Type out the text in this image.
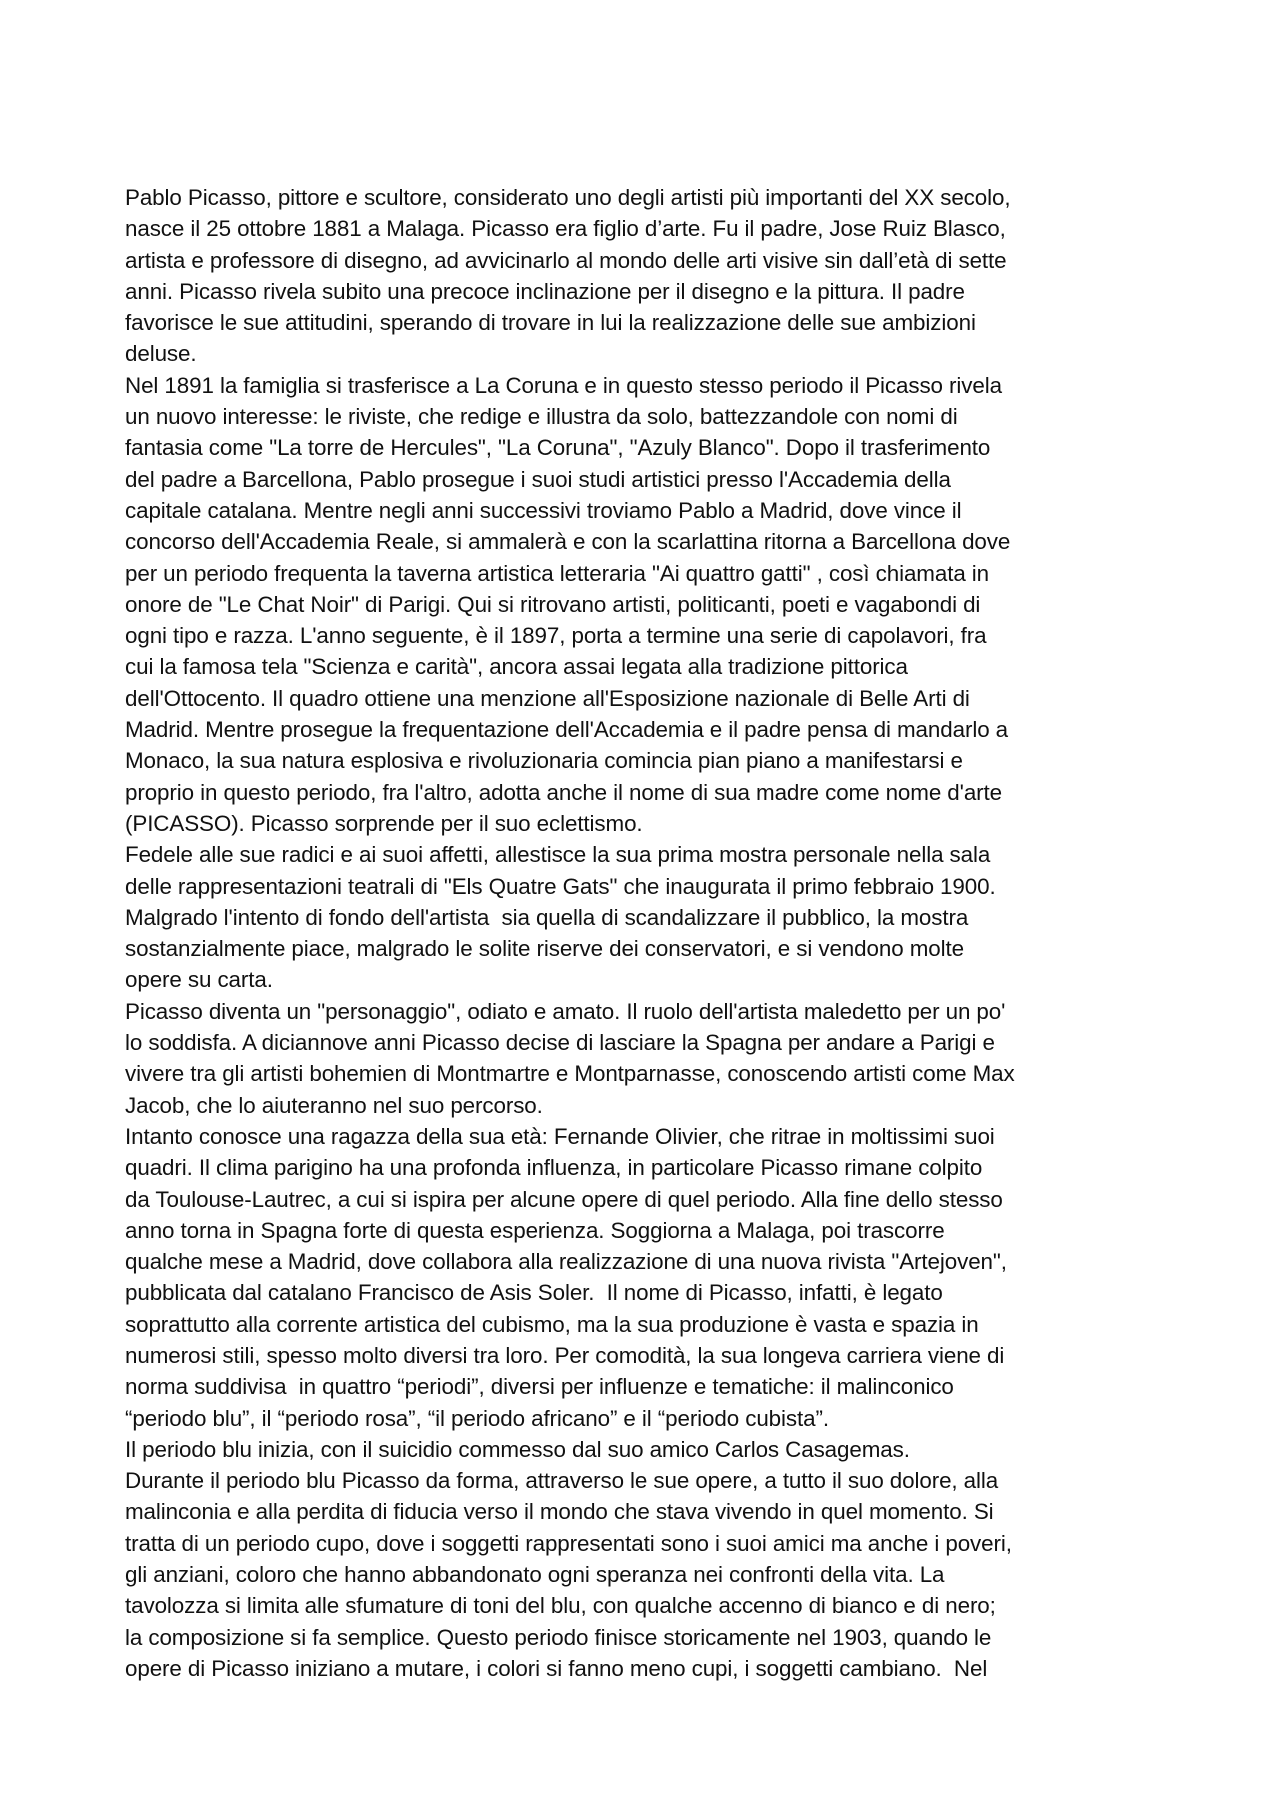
Pablo Picasso, pittore e scultore, considerato uno degli artisti più importanti del XX secolo,
nasce il 25 ottobre 1881 a Malaga. Picasso era figlio d’arte. Fu il padre, Jose Ruiz Blasco,
artista e professore di disegno, ad avvicinarlo al mondo delle arti visive sin dall’età di sette
anni. Picasso rivela subito una precoce inclinazione per il disegno e la pittura. Il padre
favorisce le sue attitudini, sperando di trovare in lui la realizzazione delle sue ambizioni
deluse.
Nel 1891 la famiglia si trasferisce a La Coruna e in questo stesso periodo il Picasso rivela
un nuovo interesse: le riviste, che redige e illustra da solo, battezzandole con nomi di
fantasia come "La torre de Hercules", "La Coruna", "Azuly Blanco". Dopo il trasferimento
del padre a Barcellona, Pablo prosegue i suoi studi artistici presso l'Accademia della
capitale catalana. Mentre negli anni successivi troviamo Pablo a Madrid, dove vince il
concorso dell'Accademia Reale, si ammalerà e con la scarlattina ritorna a Barcellona dove
per un periodo frequenta la taverna artistica letteraria "Ai quattro gatti" , così chiamata in
onore de "Le Chat Noir" di Parigi. Qui si ritrovano artisti, politicanti, poeti e vagabondi di
ogni tipo e razza. L'anno seguente, è il 1897, porta a termine una serie di capolavori, fra
cui la famosa tela "Scienza e carità", ancora assai legata alla tradizione pittorica
dell'Ottocento. Il quadro ottiene una menzione all'Esposizione nazionale di Belle Arti di
Madrid. Mentre prosegue la frequentazione dell'Accademia e il padre pensa di mandarlo a
Monaco, la sua natura esplosiva e rivoluzionaria comincia pian piano a manifestarsi e
proprio in questo periodo, fra l'altro, adotta anche il nome di sua madre come nome d'arte
(PICASSO). Picasso sorprende per il suo eclettismo.
Fedele alle sue radici e ai suoi affetti, allestisce la sua prima mostra personale nella sala
delle rappresentazioni teatrali di "Els Quatre Gats" che inaugurata il primo febbraio 1900.
Malgrado l'intento di fondo dell'artista  sia quella di scandalizzare il pubblico, la mostra
sostanzialmente piace, malgrado le solite riserve dei conservatori, e si vendono molte
opere su carta.
Picasso diventa un "personaggio", odiato e amato. Il ruolo dell'artista maledetto per un po'
lo soddisfa. A diciannove anni Picasso decise di lasciare la Spagna per andare a Parigi e
vivere tra gli artisti bohemien di Montmartre e Montparnasse, conoscendo artisti come Max
Jacob, che lo aiuteranno nel suo percorso.
Intanto conosce una ragazza della sua età: Fernande Olivier, che ritrae in moltissimi suoi
quadri. Il clima parigino ha una profonda influenza, in particolare Picasso rimane colpito
da Toulouse-Lautrec, a cui si ispira per alcune opere di quel periodo. Alla fine dello stesso
anno torna in Spagna forte di questa esperienza. Soggiorna a Malaga, poi trascorre
qualche mese a Madrid, dove collabora alla realizzazione di una nuova rivista "Artejoven",
pubblicata dal catalano Francisco de Asis Soler.  Il nome di Picasso, infatti, è legato
soprattutto alla corrente artistica del cubismo, ma la sua produzione è vasta e spazia in
numerosi stili, spesso molto diversi tra loro. Per comodità, la sua longeva carriera viene di
norma suddivisa  in quattro “periodi”, diversi per influenze e tematiche: il malinconico
“periodo blu”, il “periodo rosa”, “il periodo africano” e il “periodo cubista”.
Il periodo blu inizia, con il suicidio commesso dal suo amico Carlos Casagemas.
Durante il periodo blu Picasso da forma, attraverso le sue opere, a tutto il suo dolore, alla
malinconia e alla perdita di fiducia verso il mondo che stava vivendo in quel momento. Si
tratta di un periodo cupo, dove i soggetti rappresentati sono i suoi amici ma anche i poveri,
gli anziani, coloro che hanno abbandonato ogni speranza nei confronti della vita. La
tavolozza si limita alle sfumature di toni del blu, con qualche accenno di bianco e di nero;
la composizione si fa semplice. Questo periodo finisce storicamente nel 1903, quando le
opere di Picasso iniziano a mutare, i colori si fanno meno cupi, i soggetti cambiano.  Nel
